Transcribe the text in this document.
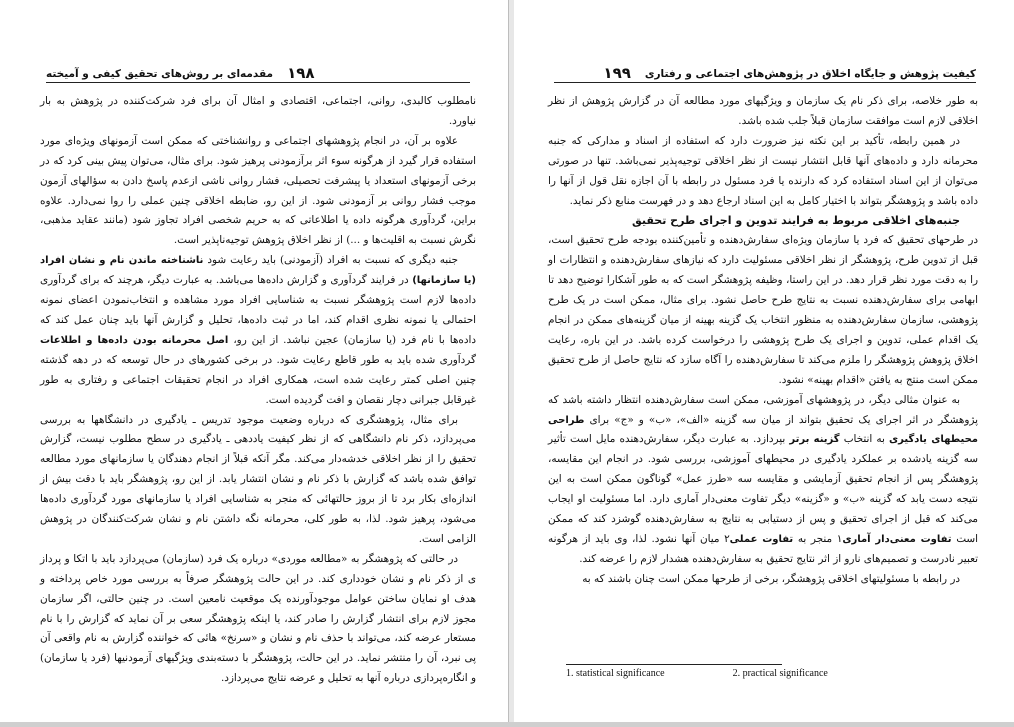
۱۹۸
مقدمه‌ای بر روش‌های تحقیق کیفی و آمیخته

نامطلوب کالبدی، روانی، اجتماعی، اقتصادی و امثال آن برای فرد شرکت‌کننده در پژوهش به بار نیاورد.

علاوه بر آن، در انجام پژوهشهای اجتماعی و روانشناختی که ممکن است آزمونهای ویژه‌ای مورد استفاده قرار گیرد از هرگونه سوء اثر برآزمودنی پرهیز شود. برای مثال، می‌توان پیش بینی کرد که در برخی آزمونهای استعداد یا پیشرفت تحصیلی، فشار روانی ناشی ازعدم پاسخ دادن به سؤالهای آزمون موجب فشار روانی بر آزمودنی شود. از این رو، ضابطه اخلاقی چنین عملی را روا نمی‌دارد. علاوه براین، گردآوری هرگونه داده یا اطلاعاتی که به حریم شخصی افراد تجاوز شود (مانند عقاید مذهبی، نگرش نسبت به اقلیت‌ها و ...) از نظر اخلاق پژوهش توجیه‌ناپذیر است.

جنبه دیگری که نسبت به افراد (آزمودنی) باید رعایت شود ناشناخته ماندن نام و نشان افراد (یا سازمانها) در فرایند گردآوری و گزارش داده‌ها می‌باشد. به عبارت دیگر، هرچند که برای گردآوری داده‌ها لازم است پژوهشگر نسبت به شناسایی افراد مورد مشاهده و انتخاب‌نمودن اعضای نمونه احتمالی یا نمونه نظری اقدام کند، اما در ثبت داده‌ها، تحلیل و گزارش آنها باید چنان عمل کند که داده‌ها با نام فرد (یا سازمان) عجین نباشد. از این رو، اصل محرمانه بودن داده‌ها و اطلاعات گردآوری شده باید به طور قاطع رعایت شود. در برخی کشورهای در حال توسعه که در دهه گذشته چنین اصلی کمتر رعایت شده است، همکاری افراد در انجام تحقیقات اجتماعی و رفتاری به طور غیرقابل جبرانی دچار نقصان و افت گردیده است.

برای مثال، پژوهشگری که درباره وضعیت موجود تدریس ـ یادگیری در دانشگاهها به بررسی می‌پردازد، ذکر نام دانشگاهی که از نظر کیفیت یاددهی ـ یادگیری در سطح مطلوب نیست، گزارش تحقیق را از نظر اخلاقی خدشه‌دار می‌کند. مگر آنکه قبلاً از انجام دهندگان یا سازمانهای مورد مطالعه توافق شده باشد که گزارش با ذکر نام و نشان انتشار یابد. از این رو، پژوهشگر باید با دقت بیش از اندازه‌ای بکار برد تا از بروز حالتهائی که منجر به شناسایی افراد یا سازمانهای مورد گردآوری داده‌ها می‌شود، پرهیز شود. لذا، به طور کلی، محرمانه نگه داشتن نام و نشان شرکت‌کنندگان در پژوهش الزامی است.

در حالتی که پژوهشگر به «مطالعه موردی» درباره یک فرد (سازمان) می‌پردازد باید با اتکا و پرداز ی از ذکر نام و نشان خودداری کند. در این حالت پژوهشگر صرفاً به بررسی مورد خاص پرداخته و هدف او نمایان ساختن عوامل موجودآورنده یک موقعیت نامعین است. در چنین حالتی، اگر سازمان مجوز لازم برای انتشار گزارش را صادر کند، یا اینکه پژوهشگر سعی بر آن نماید که گزارش را با نام مستعار عرضه کند، می‌تواند با حذف نام و نشان و «سرنخ» هائی که خواننده گزارش به نام واقعی آن پی نبرد، آن را منتشر نماید. در این حالت، پژوهشگر با دسته‌بندی ویژگیهای آزمودنیها (فرد یا سازمان) و انگاره‌پردازی درباره آنها به تحلیل و عرضه نتایج می‌پردازد.

کیفیت پژوهش و جایگاه اخلاق در پژوهش‌های اجتماعی و رفتاری
۱۹۹

به طور خلاصه، برای ذکر نام یک سازمان و ویژگیهای مورد مطالعه آن در گزارش پژوهش از نظر اخلاقی لازم است موافقت سازمان قبلاً جلب شده باشد.

در همین رابطه، تأکید بر این نکته نیز ضرورت دارد که استفاده از اسناد و مدارکی که جنبه محرمانه دارد و داده‌های آنها قابل انتشار نیست از نظر اخلاقی توجیه‌پذیر نمی‌باشد. تنها در صورتی می‌توان از این اسناد استفاده کرد که دارنده یا فرد مسئول در رابطه با آن اجازه نقل قول از آنها را داده باشد و پژوهشگر بتواند با اختیار کامل به این اسناد ارجاع دهد و در فهرست منابع ذکر نماید.

جنبه‌های اخلاقی مربوط به فرایند تدوین و اجرای طرح تحقیق

در طرحهای تحقیق که فرد یا سازمان ویژه‌ای سفارش‌دهنده و تأمین‌کننده بودجه طرح تحقیق است، قبل از تدوین طرح، پژوهشگر از نظر اخلاقی مسئولیت دارد که نیازهای سفارش‌دهنده و انتظارات او را به دقت مورد نظر قرار دهد. در این راستا، وظیفه پژوهشگر است که به طور آشکارا توضیح دهد تا ابهامی برای سفارش‌دهنده نسبت به نتایج طرح حاصل نشود. برای مثال، ممکن است در یک طرح پژوهشی، سازمان سفارش‌دهنده به منظور انتخاب یک گزینه بهینه از میان گزینه‌های ممکن در انجام یک اقدام عملی، تدوین و اجرای یک طرح پژوهشی را درخواست کرده باشد. در این باره، رعایت اخلاق پژوهش پژوهشگر را ملزم می‌کند تا سفارش‌دهنده را آگاه سازد که نتایج حاصل از طرح تحقیق ممکن است منتج به یافتن «اقدام بهینه» نشود.

به عنوان مثالی دیگر، در پژوهشهای آموزشی، ممکن است سفارش‌دهنده انتظار داشته باشد که پژوهشگر در اثر اجرای یک تحقیق بتواند از میان سه گزینه «الف»، «ب» و «ج» برای طراحی محیطهای یادگیری به انتخاب گزینه برتر بپردازد. به عبارت دیگر، سفارش‌دهنده مایل است تأثیر سه گزینه یادشده بر عملکرد یادگیری در محیطهای آموزشی، بررسی شود. در انجام این مقایسه، پژوهشگر پس از انجام تحقیق آزمایشی و مقایسه سه «طرز عمل» گوناگون ممکن است به این نتیجه دست یابد که گزینه «ب» و «گزینه» دیگر تفاوت معنی‌دار آماری دارد. اما مسئولیت او ایجاب می‌کند که قبل از اجرای تحقیق و پس از دستیابی به نتایج به سفارش‌دهنده گوشزد کند که ممکن است تفاوت معنی‌دار آماری۱ منجر به تفاوت عملی۲ میان آنها نشود. لذا، وی باید از هرگونه تعبیر نادرست و تصمیم‌های نارو از اثر نتایج تحقیق به سفارش‌دهنده هشدار لازم را عرضه کند.

در رابطه با مسئولیتهای اخلاقی پژوهشگر، برخی از طرحها ممکن است چنان باشند که به

1. statistical significance	2. practical significance
